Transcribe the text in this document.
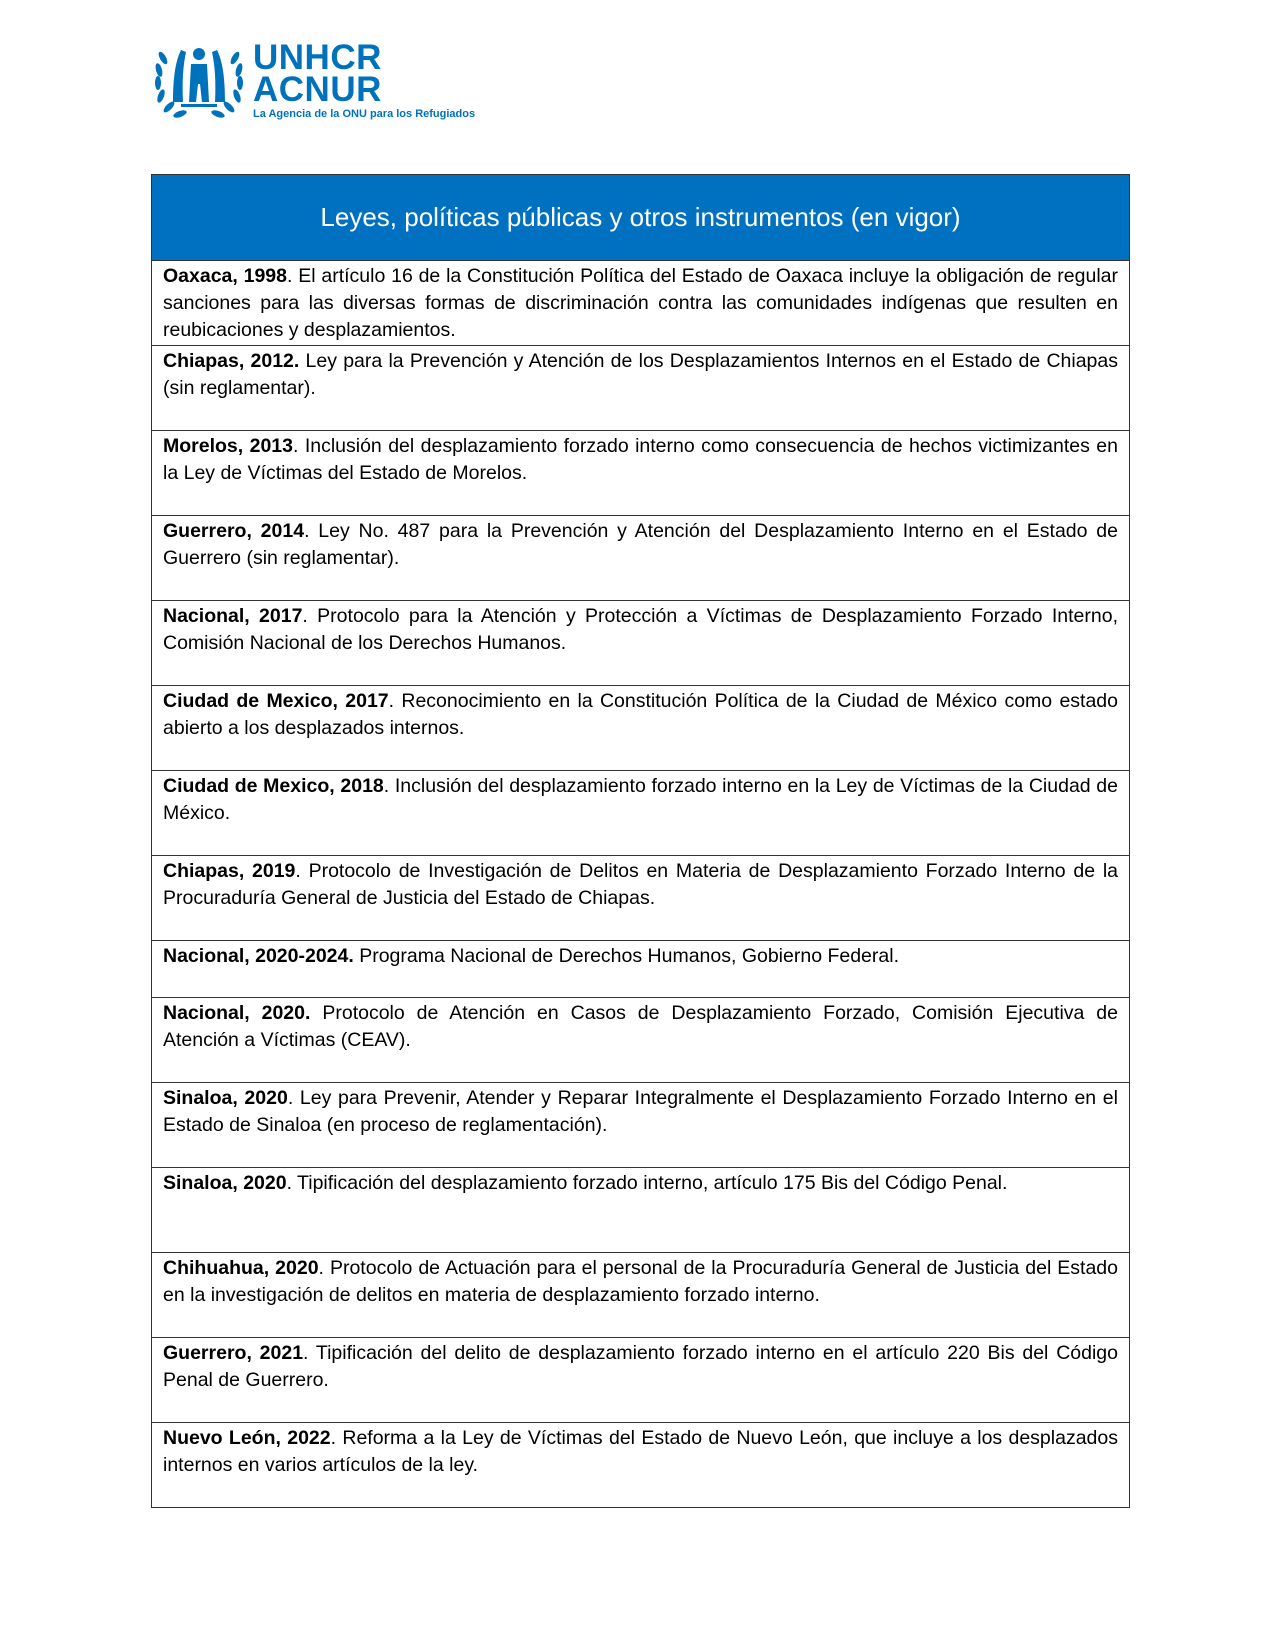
UNHCR
ACNUR
La Agencia de la ONU para los Refugiados
Leyes, políticas públicas y otros instrumentos (en vigor)
Oaxaca, 1998. El artículo 16 de la Constitución Política del Estado de Oaxaca incluye la obligación de regular sanciones para las diversas formas de discriminación contra las comunidades indígenas que resulten en reubicaciones y desplazamientos.
Chiapas, 2012. Ley para la Prevención y Atención de los Desplazamientos Internos en el Estado de Chiapas (sin reglamentar).
Morelos, 2013. Inclusión del desplazamiento forzado interno como consecuencia de hechos victimizantes en la Ley de Víctimas del Estado de Morelos.
Guerrero, 2014. Ley No. 487 para la Prevención y Atención del Desplazamiento Interno en el Estado de Guerrero (sin reglamentar).
Nacional, 2017. Protocolo para la Atención y Protección a Víctimas de Desplazamiento Forzado Interno, Comisión Nacional de los Derechos Humanos.
Ciudad de Mexico, 2017. Reconocimiento en la Constitución Política de la Ciudad de México como estado abierto a los desplazados internos.
Ciudad de Mexico, 2018. Inclusión del desplazamiento forzado interno en la Ley de Víctimas de la Ciudad de México.
Chiapas, 2019. Protocolo de Investigación de Delitos en Materia de Desplazamiento Forzado Interno de la Procuraduría General de Justicia del Estado de Chiapas.
Nacional, 2020-2024. Programa Nacional de Derechos Humanos, Gobierno Federal.
Nacional, 2020. Protocolo de Atención en Casos de Desplazamiento Forzado, Comisión Ejecutiva de Atención a Víctimas (CEAV).
Sinaloa, 2020. Ley para Prevenir, Atender y Reparar Integralmente el Desplazamiento Forzado Interno en el Estado de Sinaloa (en proceso de reglamentación).
Sinaloa, 2020. Tipificación del desplazamiento forzado interno, artículo 175 Bis del Código Penal.
Chihuahua, 2020. Protocolo de Actuación para el personal de la Procuraduría General de Justicia del Estado en la investigación de delitos en materia de desplazamiento forzado interno.
Guerrero, 2021. Tipificación del delito de desplazamiento forzado interno en el artículo 220 Bis del Código Penal de Guerrero.
Nuevo León, 2022. Reforma a la Ley de Víctimas del Estado de Nuevo León, que incluye a los desplazados internos en varios artículos de la ley.
